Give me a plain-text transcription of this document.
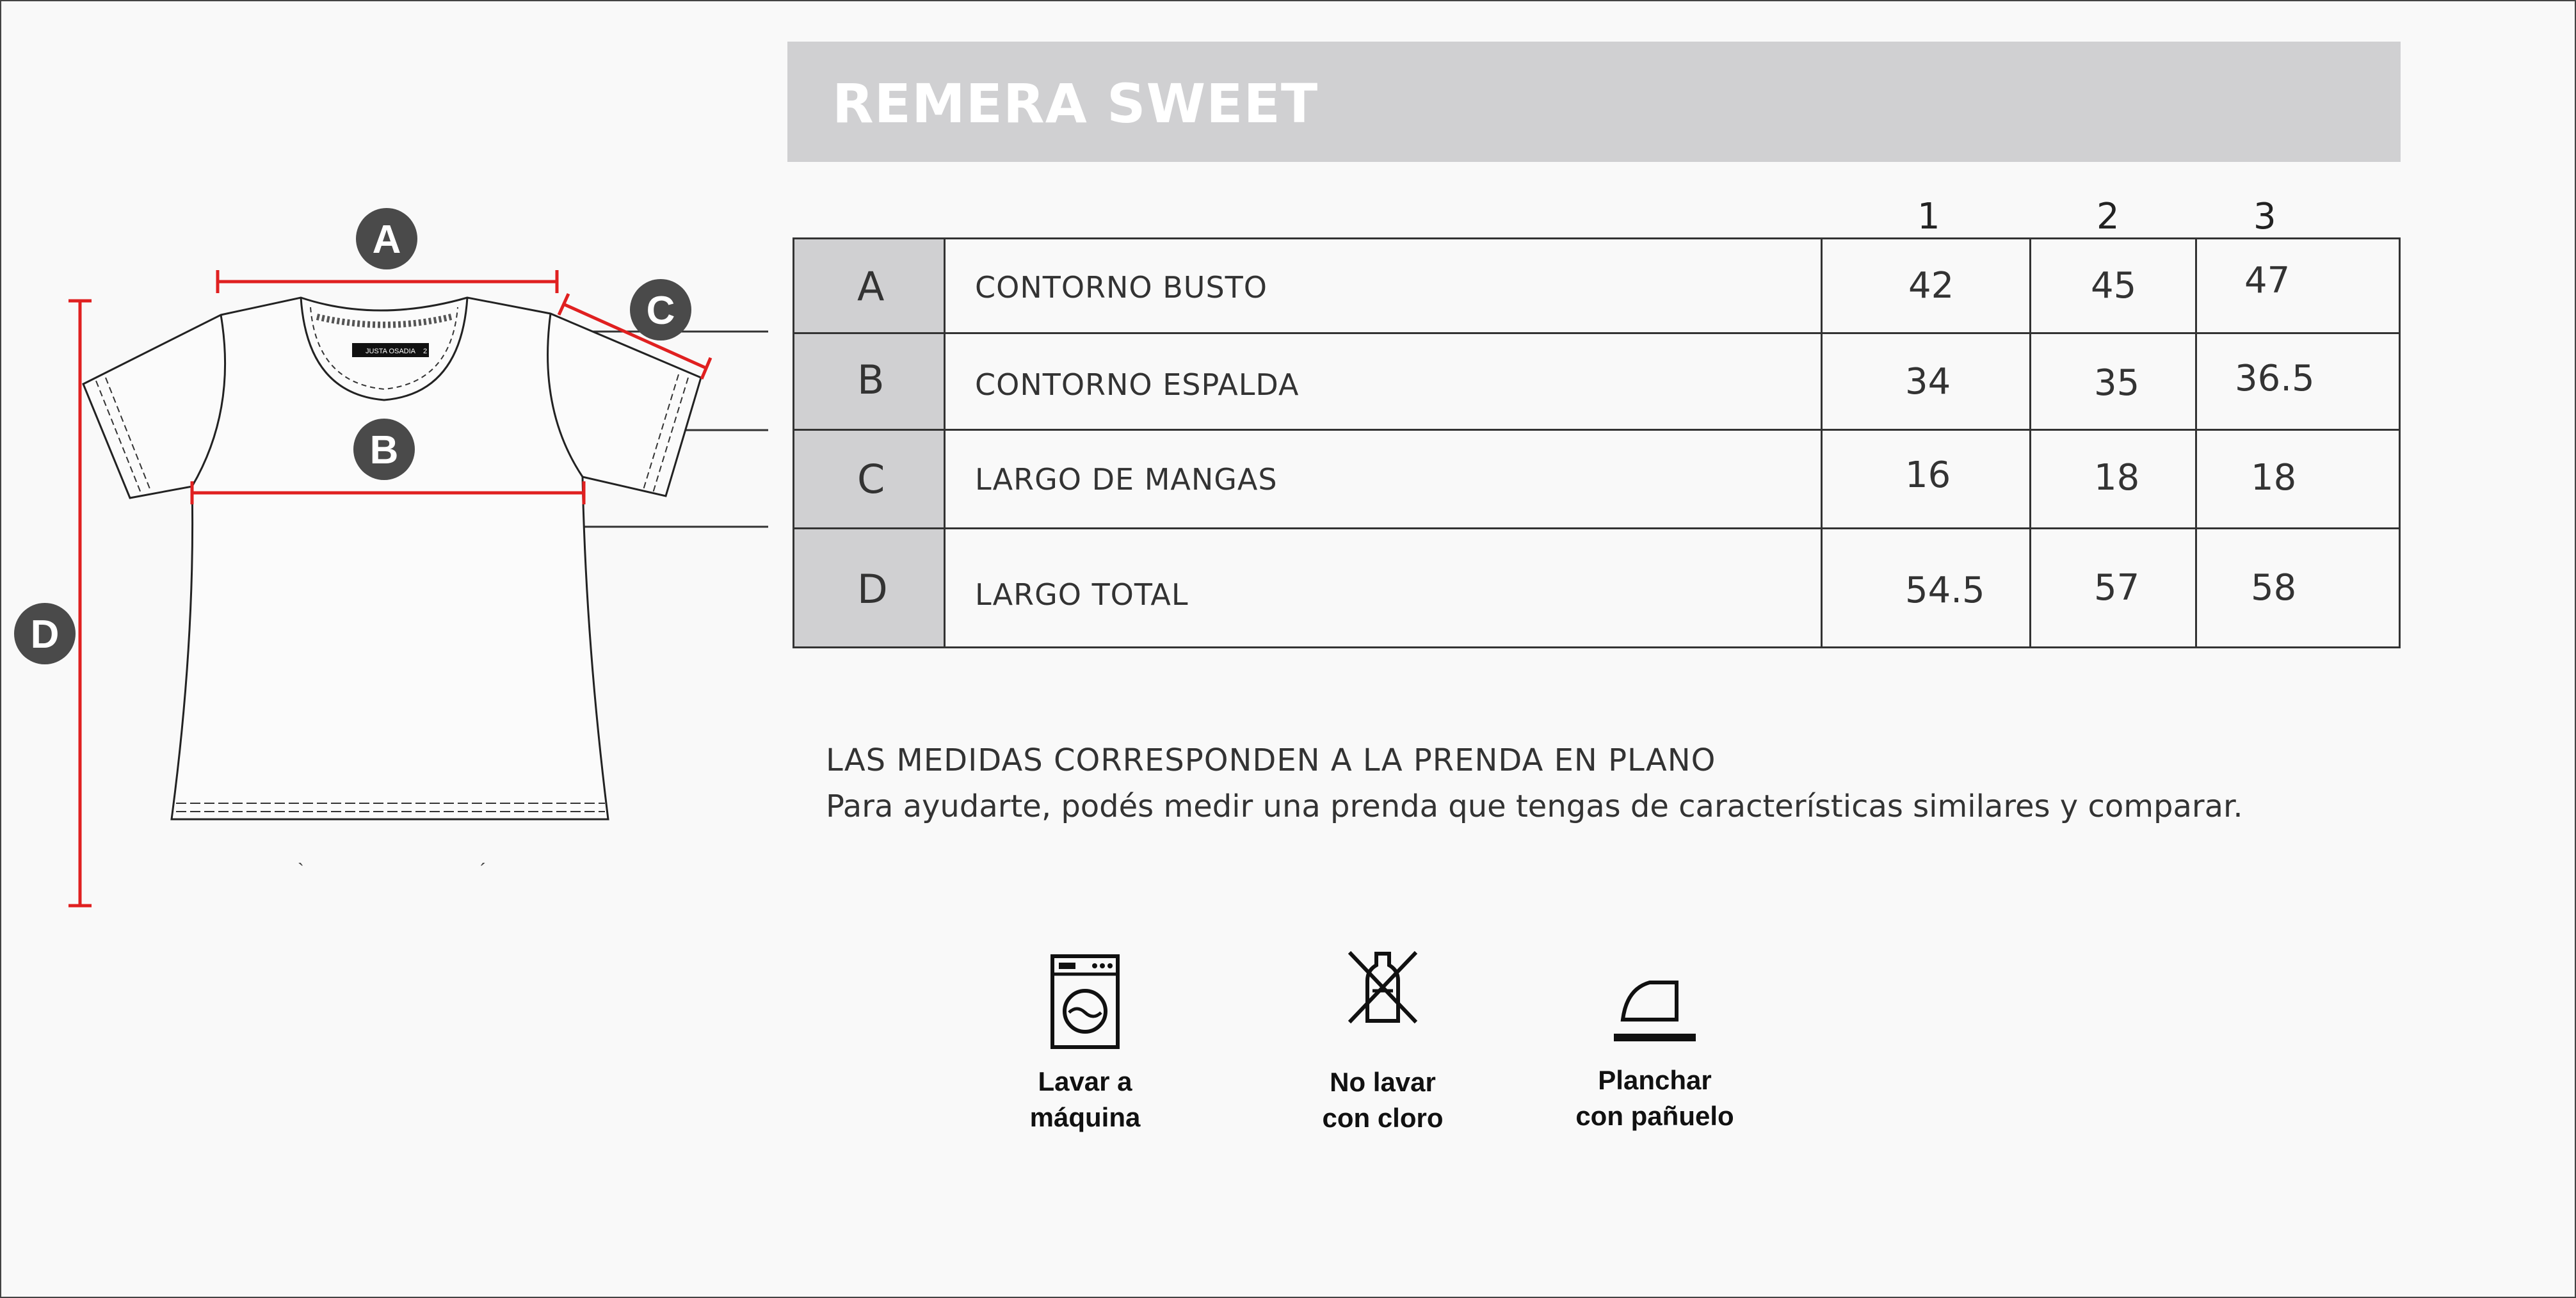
REMERA SWEET
1	2	3
A	CONTORNO BUSTO	42	45	47
B	CONTORNO ESPALDA	34	35	36.5
C	LARGO DE MANGAS	16	18	18
D	LARGO TOTAL	54.5	57	58
JUSTA OSADIA 2
`	´
A
B
C
D
LAS MEDIDAS CORRESPONDEN A LA PRENDA EN PLANO
Para ayudarte, podés medir una prenda que tengas de características similares y comparar.
Lavar a
máquina
No lavar
con cloro
Planchar
con pañuelo
